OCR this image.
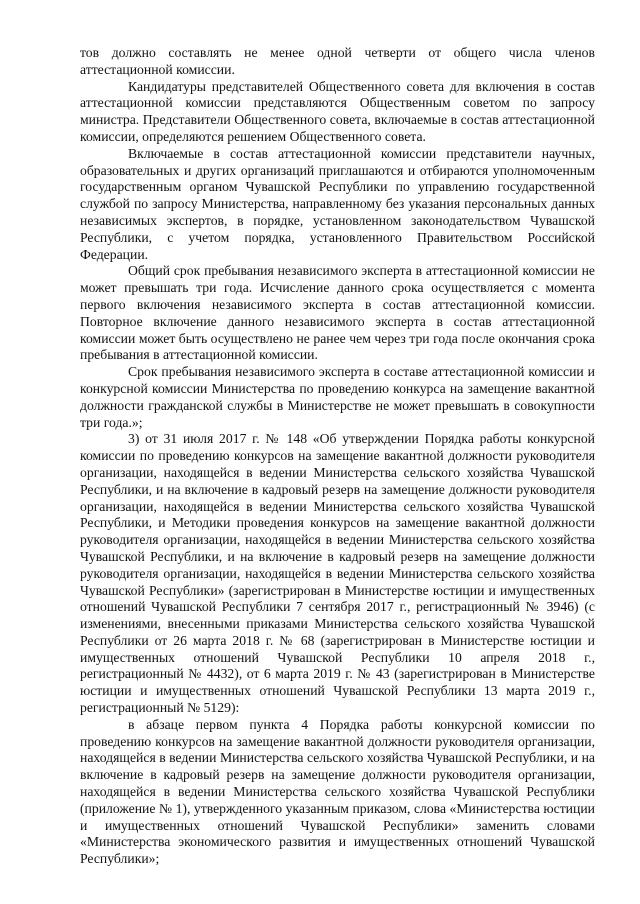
тов должно составлять не менее одной четверти от общего числа членов аттестационной комиссии.

Кандидатуры представителей Общественного совета для включения в состав аттестационной комиссии представляются Общественным советом по запросу министра. Представители Общественного совета, включаемые в состав аттестационной комиссии, определяются решением Общественного совета.

Включаемые в состав аттестационной комиссии представители научных, образовательных и других организаций приглашаются и отбираются уполномоченным государственным органом Чувашской Республики по управлению государственной службой по запросу Министерства, направленному без указания персональных данных независимых экспертов, в порядке, установленном законодательством Чувашской Республики, с учетом порядка, установленного Правительством Российской Федерации.

Общий срок пребывания независимого эксперта в аттестационной комиссии не может превышать три года. Исчисление данного срока осуществляется с момента первого включения независимого эксперта в состав аттестационной комиссии. Повторное включение данного независимого эксперта в состав аттестационной комиссии может быть осуществлено не ранее чем через три года после окончания срока пребывания в аттестационной комиссии.

Срок пребывания независимого эксперта в составе аттестационной комиссии и конкурсной комиссии Министерства по проведению конкурса на замещение вакантной должности гражданской службы в Министерстве не может превышать в совокупности три года.»;

3) от 31 июля 2017 г. № 148 «Об утверждении Порядка работы конкурсной комиссии по проведению конкурсов на замещение вакантной должности руководителя организации, находящейся в ведении Министерства сельского хозяйства Чувашской Республики, и на включение в кадровый резерв на замещение должности руководителя организации, находящейся в ведении Министерства сельского хозяйства Чувашской Республики, и Методики проведения конкурсов на замещение вакантной должности руководителя организации, находящейся в ведении Министерства сельского хозяйства Чувашской Республики, и на включение в кадровый резерв на замещение должности руководителя организации, находящейся в ведении Министерства сельского хозяйства Чувашской Республики» (зарегистрирован в Министерстве юстиции и имущественных отношений Чувашской Республики 7 сентября 2017 г., регистрационный № 3946) (с изменениями, внесенными приказами Министерства сельского хозяйства Чувашской Республики от 26 марта 2018 г. № 68 (зарегистрирован в Министерстве юстиции и имущественных отношений Чувашской Республики 10 апреля 2018 г., регистрационный № 4432), от 6 марта 2019 г. № 43 (зарегистрирован в Министерстве юстиции и имущественных отношений Чувашской Республики 13 марта 2019 г., регистрационный № 5129):

в абзаце первом пункта 4 Порядка работы конкурсной комиссии по проведению конкурсов на замещение вакантной должности руководителя организации, находящейся в ведении Министерства сельского хозяйства Чувашской Республики, и на включение в кадровый резерв на замещение должности руководителя организации, находящейся в ведении Министерства сельского хозяйства Чувашской Республики (приложение № 1), утвержденного указанным приказом, слова «Министерства юстиции и имущественных отношений Чувашской Республики» заменить словами «Министерства экономического развития и имущественных отношений Чувашской Республики»;
